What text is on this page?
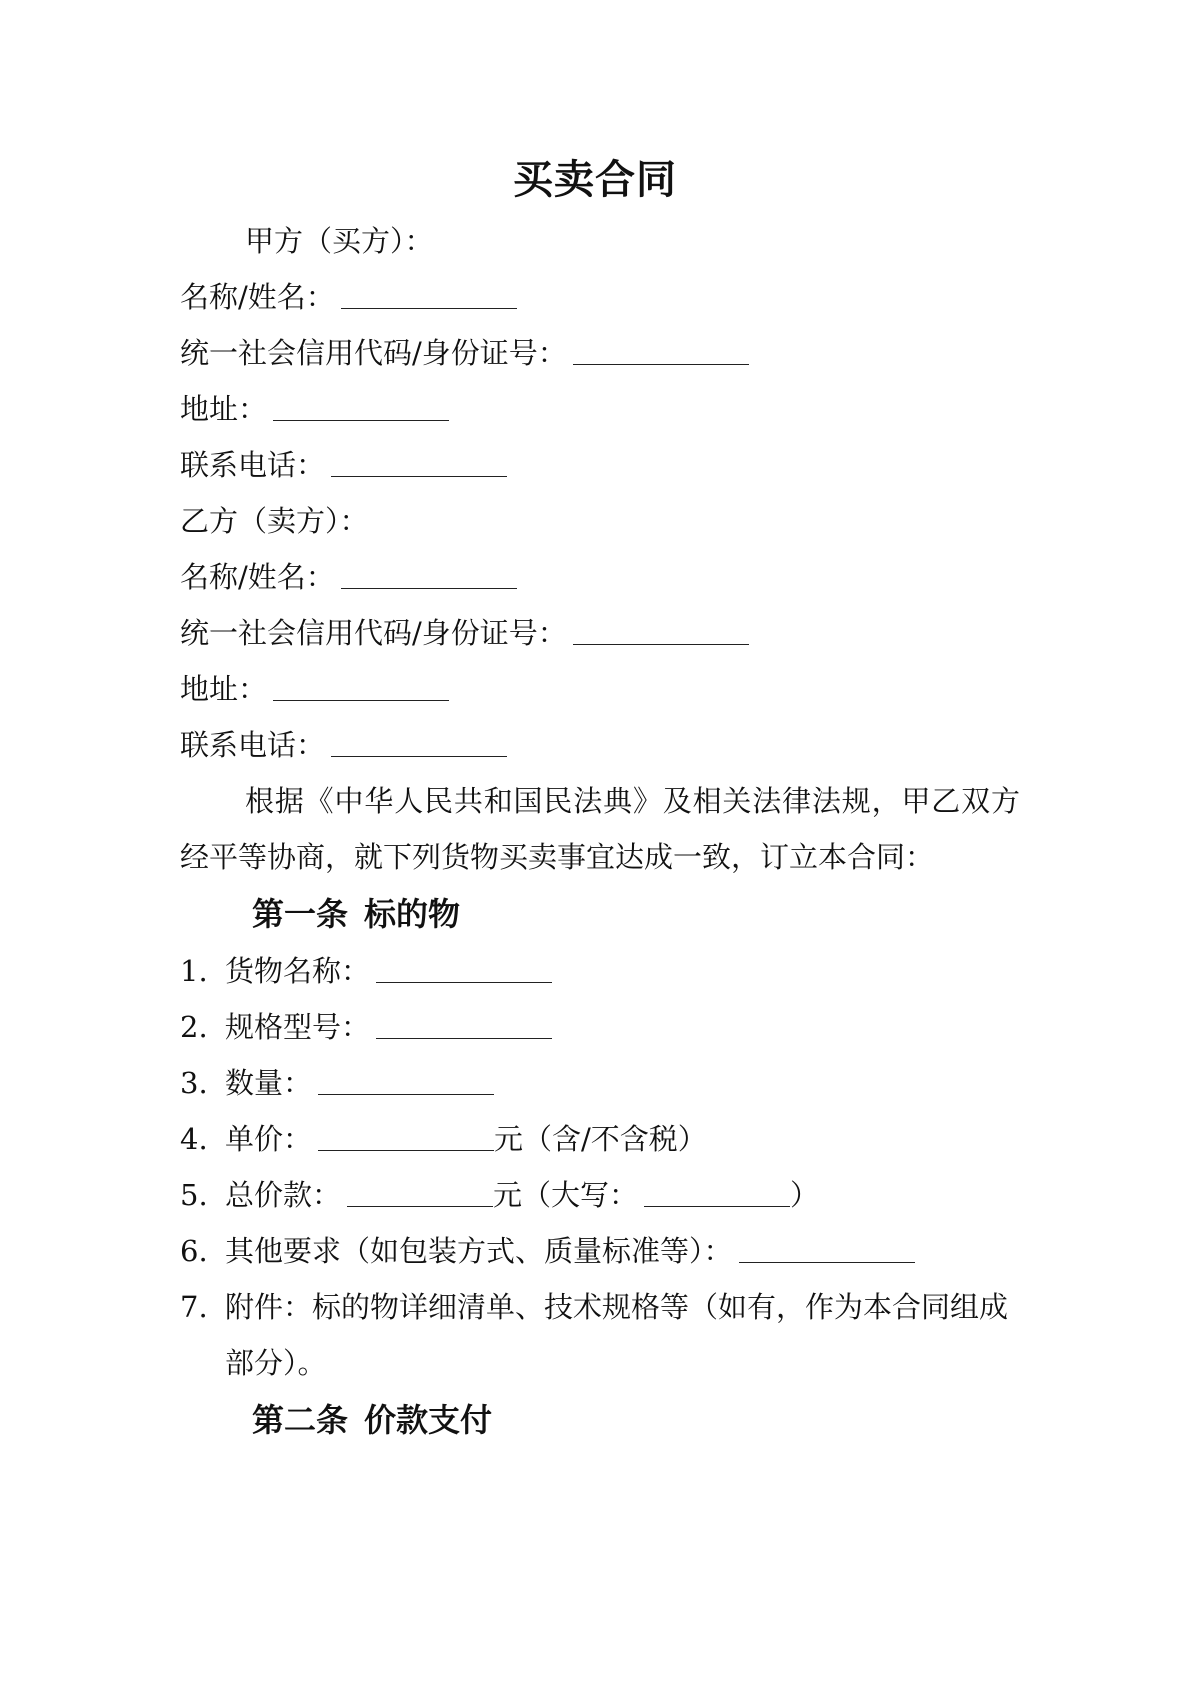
买卖合同
甲方（买方）：
名称/姓名：
统一社会信用代码/身份证号：
地址：
联系电话：
乙方（卖方）：
名称/姓名：
统一社会信用代码/身份证号：
地址：
联系电话：
根据《中华人民共和国民法典》及相关法律法规，甲乙双方经平等协商，就下列货物买卖事宜达成一致，订立本合同：
第一条 标的物
1. 货物名称：
2. 规格型号：
3. 数量：
4. 单价：	元（含/不含税）
5. 总价款：	元（大写：	）
6. 其他要求（如包装方式、质量标准等）：
7. 附件：标的物详细清单、技术规格等（如有，作为本合同组成部分）。
第二条 价款支付
